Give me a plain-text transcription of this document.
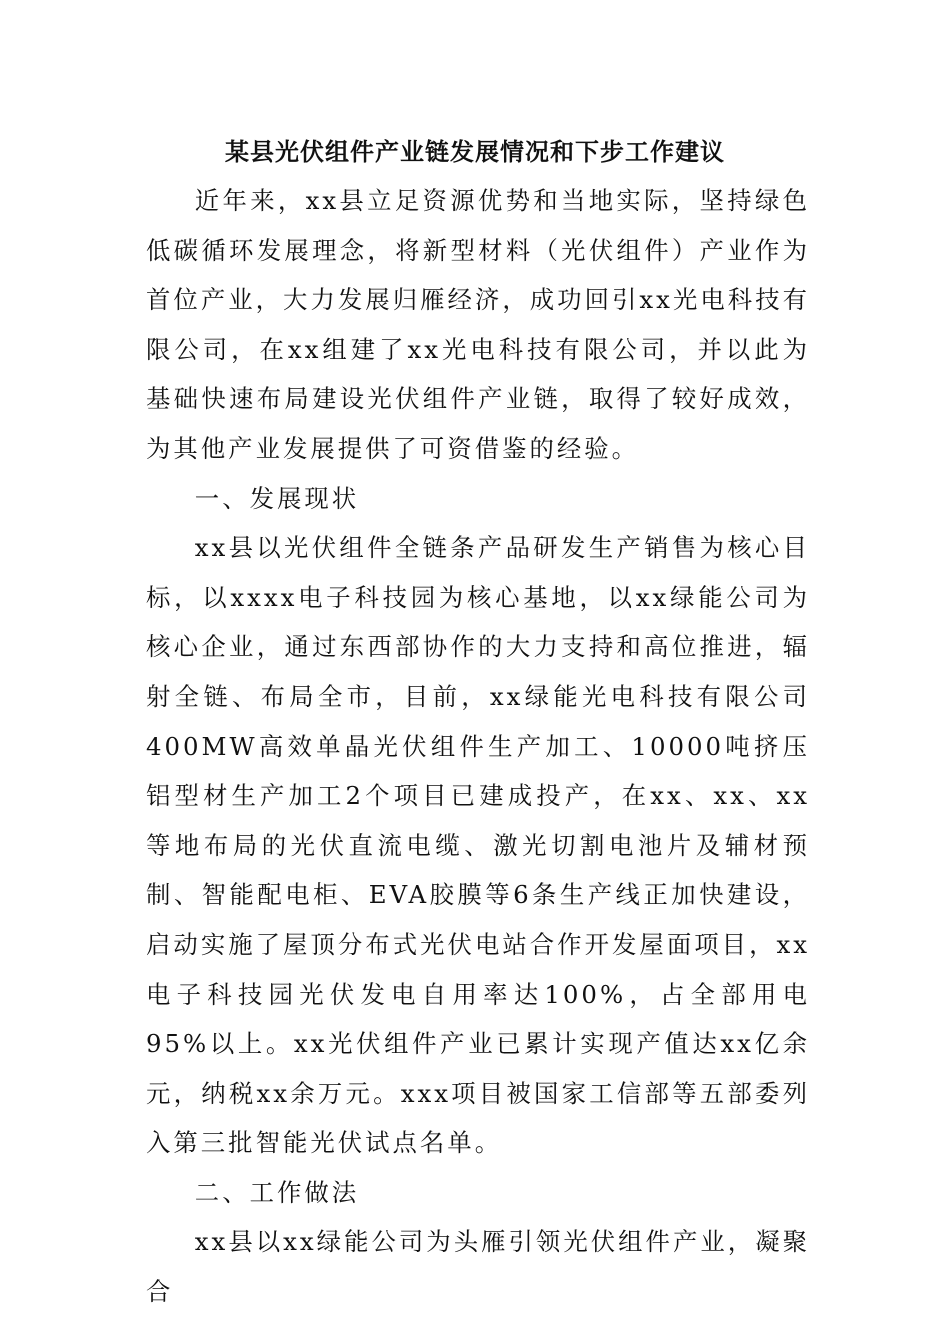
某县光伏组件产业链发展情况和下步工作建议

近年来，xx县立足资源优势和当地实际，坚持绿色低碳循环发展理念，将新型材料（光伏组件）产业作为首位产业，大力发展归雁经济，成功回引xx光电科技有限公司，在xx组建了xx光电科技有限公司，并以此为基础快速布局建设光伏组件产业链，取得了较好成效，为其他产业发展提供了可资借鉴的经验。

一、发展现状

xx县以光伏组件全链条产品研发生产销售为核心目标，以xxxx电子科技园为核心基地，以xx绿能公司为核心企业，通过东西部协作的大力支持和高位推进，辐射全链、布局全市，目前，xx绿能光电科技有限公司400MW高效单晶光伏组件生产加工、10000吨挤压铝型材生产加工2个项目已建成投产，在xx、xx、xx等地布局的光伏直流电缆、激光切割电池片及辅材预制、智能配电柜、EVA胶膜等6条生产线正加快建设，启动实施了屋顶分布式光伏电站合作开发屋面项目，xx电子科技园光伏发电自用率达100%，占全部用电95%以上。xx光伏组件产业已累计实现产值达xx亿余元，纳税xx余万元。xxx项目被国家工信部等五部委列入第三批智能光伏试点名单。

二、工作做法

xx县以xx绿能公司为头雁引领光伏组件产业，凝聚合
